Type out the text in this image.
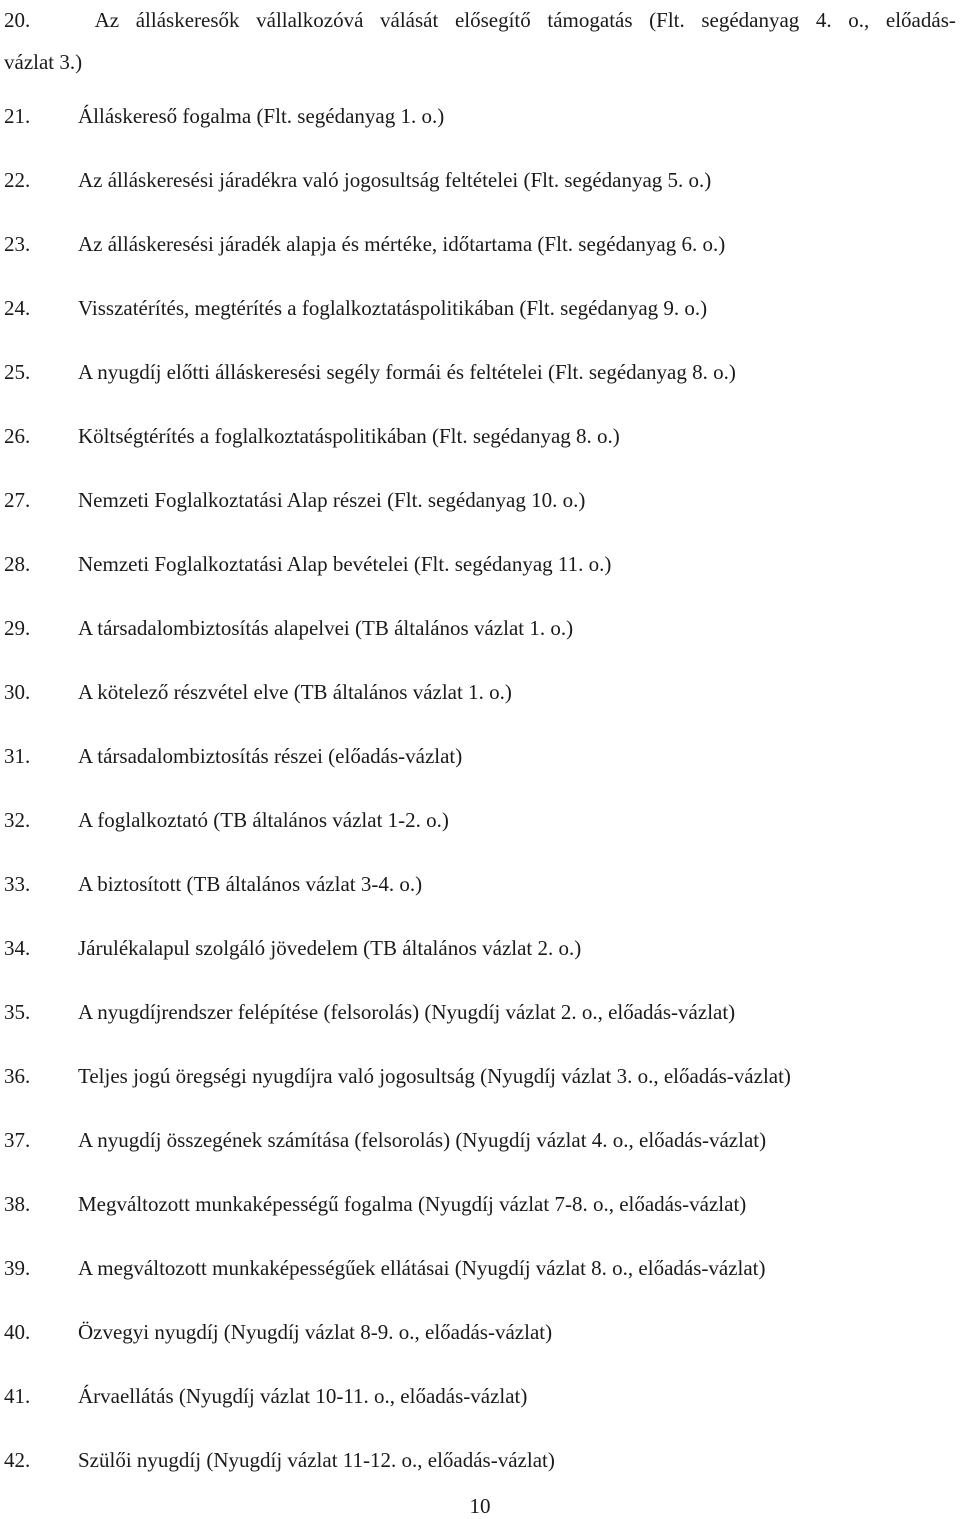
20.	Az álláskeresők vállalkozóvá válását elősegítő támogatás (Flt. segédanyag 4. o., előadás-
vázlat 3.)
21. Álláskereső fogalma (Flt. segédanyag 1. o.)
22. Az álláskeresési járadékra való jogosultság feltételei (Flt. segédanyag 5. o.)
23. Az álláskeresési járadék alapja és mértéke, időtartama (Flt. segédanyag 6. o.)
24. Visszatérítés, megtérítés a foglalkoztatáspolitikában (Flt. segédanyag 9. o.)
25. A nyugdíj előtti álláskeresési segély formái és feltételei (Flt. segédanyag 8. o.)
26. Költségtérítés a foglalkoztatáspolitikában (Flt. segédanyag 8. o.)
27. Nemzeti Foglalkoztatási Alap részei (Flt. segédanyag 10. o.)
28. Nemzeti Foglalkoztatási Alap bevételei (Flt. segédanyag 11. o.)
29. A társadalombiztosítás alapelvei (TB általános vázlat 1. o.)
30. A kötelező részvétel elve (TB általános vázlat 1. o.)
31. A társadalombiztosítás részei (előadás-vázlat)
32. A foglalkoztató (TB általános vázlat 1-2. o.)
33. A biztosított (TB általános vázlat 3-4. o.)
34. Járulékalapul szolgáló jövedelem (TB általános vázlat 2. o.)
35. A nyugdíjrendszer felépítése (felsorolás) (Nyugdíj vázlat 2. o., előadás-vázlat)
36. Teljes jogú öregségi nyugdíjra való jogosultság (Nyugdíj vázlat 3. o., előadás-vázlat)
37. A nyugdíj összegének számítása (felsorolás) (Nyugdíj vázlat 4. o., előadás-vázlat)
38. Megváltozott munkaképességű fogalma (Nyugdíj vázlat 7-8. o., előadás-vázlat)
39. A megváltozott munkaképességűek ellátásai (Nyugdíj vázlat 8. o., előadás-vázlat)
40. Özvegyi nyugdíj (Nyugdíj vázlat 8-9. o., előadás-vázlat)
41. Árvaellátás (Nyugdíj vázlat 10-11. o., előadás-vázlat)
42. Szülői nyugdíj (Nyugdíj vázlat 11-12. o., előadás-vázlat)
10
